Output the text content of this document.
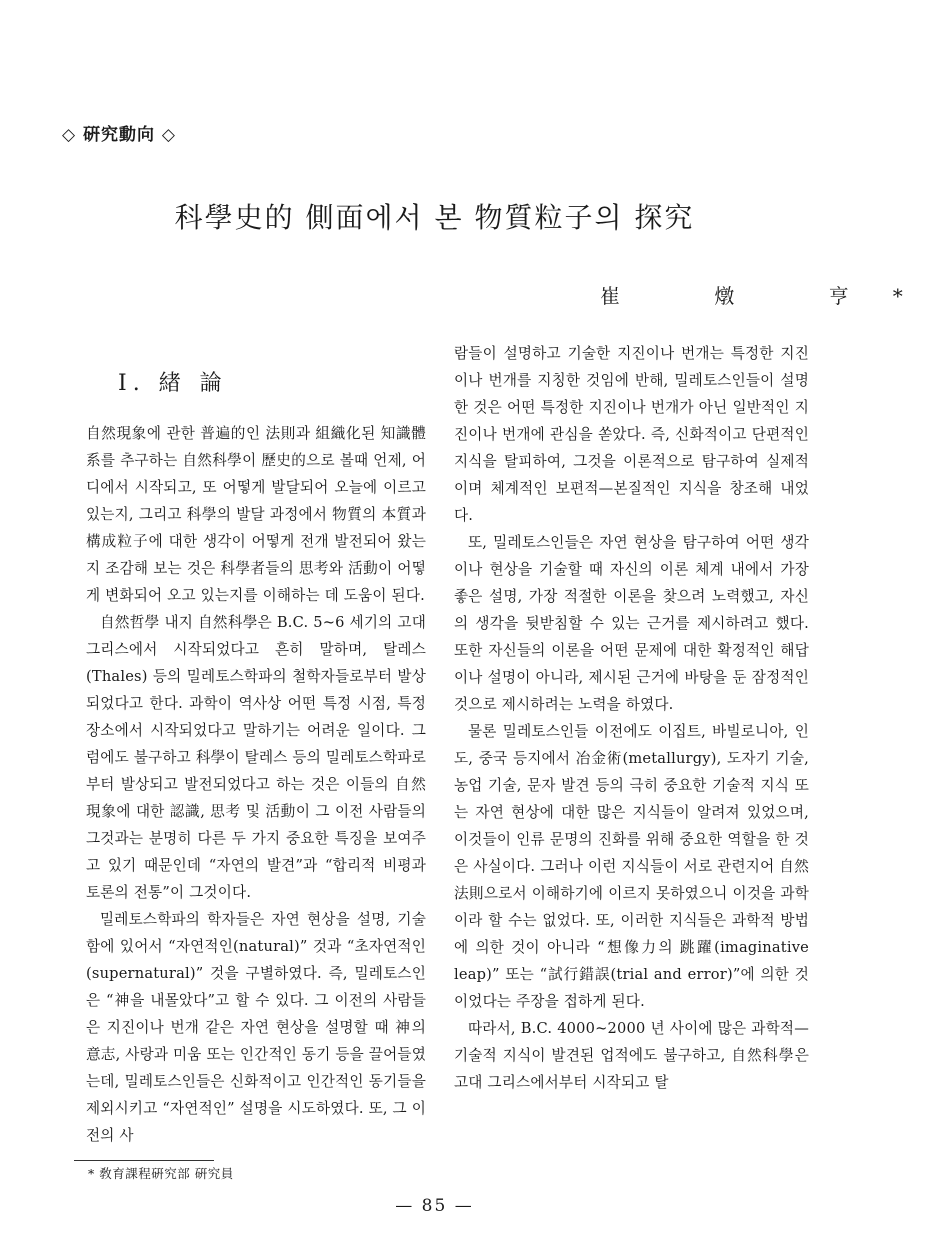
◇ 硏究動向 ◇
科學史的 側面에서 본 物質粒子의 探究
崔 燉 亨*
I. 緖 論

自然現象에 관한 普遍的인 法則과 組織化된 知識體系를 추구하는 自然科學이 歷史的으로 볼때 언제, 어디에서 시작되고, 또 어떻게 발달되어 오늘에 이르고 있는지, 그리고 科學의 발달 과정에서 物質의 本質과 構成粒子에 대한 생각이 어떻게 전개 발전되어 왔는지 조감해 보는 것은 科學者들의 思考와 活動이 어떻게 변화되어 오고 있는지를 이해하는 데 도움이 된다.

自然哲學 내지 自然科學은 B.C. 5~6 세기의 고대 그리스에서 시작되었다고 흔히 말하며, 탈레스(Thales) 등의 밀레토스학파의 철학자들로부터 발상되었다고 한다. 과학이 역사상 어떤 특정 시점, 특정 장소에서 시작되었다고 말하기는 어려운 일이다. 그럼에도 불구하고 科學이 탈레스 등의 밀레토스학파로부터 발상되고 발전되었다고 하는 것은 이들의 自然現象에 대한 認識, 思考 및 活動이 그 이전 사람들의 그것과는 분명히 다른 두 가지 중요한 특징을 보여주고 있기 때문인데 “자연의 발견”과 “합리적 비평과 토론의 전통”이 그것이다.

밀레토스학파의 학자들은 자연 현상을 설명, 기술함에 있어서 “자연적인(natural)” 것과 “초자연적인(supernatural)” 것을 구별하였다. 즉, 밀레토스인은 “神을 내몰았다”고 할 수 있다. 그 이전의 사람들은 지진이나 번개 같은 자연 현상을 설명할 때 神의 意志, 사랑과 미움 또는 인간적인 동기 등을 끌어들였는데, 밀레토스인들은 신화적이고 인간적인 동기들을 제외시키고 “자연적인” 설명을 시도하였다. 또, 그 이전의 사

람들이 설명하고 기술한 지진이나 번개는 특정한 지진이나 번개를 지칭한 것임에 반해, 밀레토스인들이 설명한 것은 어떤 특정한 지진이나 번개가 아닌 일반적인 지진이나 번개에 관심을 쏟았다. 즉, 신화적이고 단편적인 지식을 탈피하여, 그것을 이론적으로 탐구하여 실제적이며 체계적인 보편적—본질적인 지식을 창조해 내었다.

또, 밀레토스인들은 자연 현상을 탐구하여 어떤 생각이나 현상을 기술할 때 자신의 이론 체계 내에서 가장 좋은 설명, 가장 적절한 이론을 찾으려 노력했고, 자신의 생각을 뒷받침할 수 있는 근거를 제시하려고 했다. 또한 자신들의 이론을 어떤 문제에 대한 확정적인 해답이나 설명이 아니라, 제시된 근거에 바탕을 둔 잠정적인 것으로 제시하려는 노력을 하였다.

물론 밀레토스인들 이전에도 이집트, 바빌로니아, 인도, 중국 등지에서 冶金術(metallurgy), 도자기 기술, 농업 기술, 문자 발견 등의 극히 중요한 기술적 지식 또는 자연 현상에 대한 많은 지식들이 알려져 있었으며, 이것들이 인류 문명의 진화를 위해 중요한 역할을 한 것은 사실이다. 그러나 이런 지식들이 서로 관련지어 自然法則으로서 이해하기에 이르지 못하였으니 이것을 과학이라 할 수는 없었다. 또, 이러한 지식들은 과학적 방법에 의한 것이 아니라 “想像力의 跳躍(imaginative leap)” 또는 “試行錯誤(trial and error)”에 의한 것이었다는 주장을 접하게 된다.

따라서, B.C. 4000~2000 년 사이에 많은 과학적—기술적 지식이 발견된 업적에도 불구하고, 自然科學은 고대 그리스에서부터 시작되고 탈

* 敎育課程硏究部 硏究員
— 85 —
